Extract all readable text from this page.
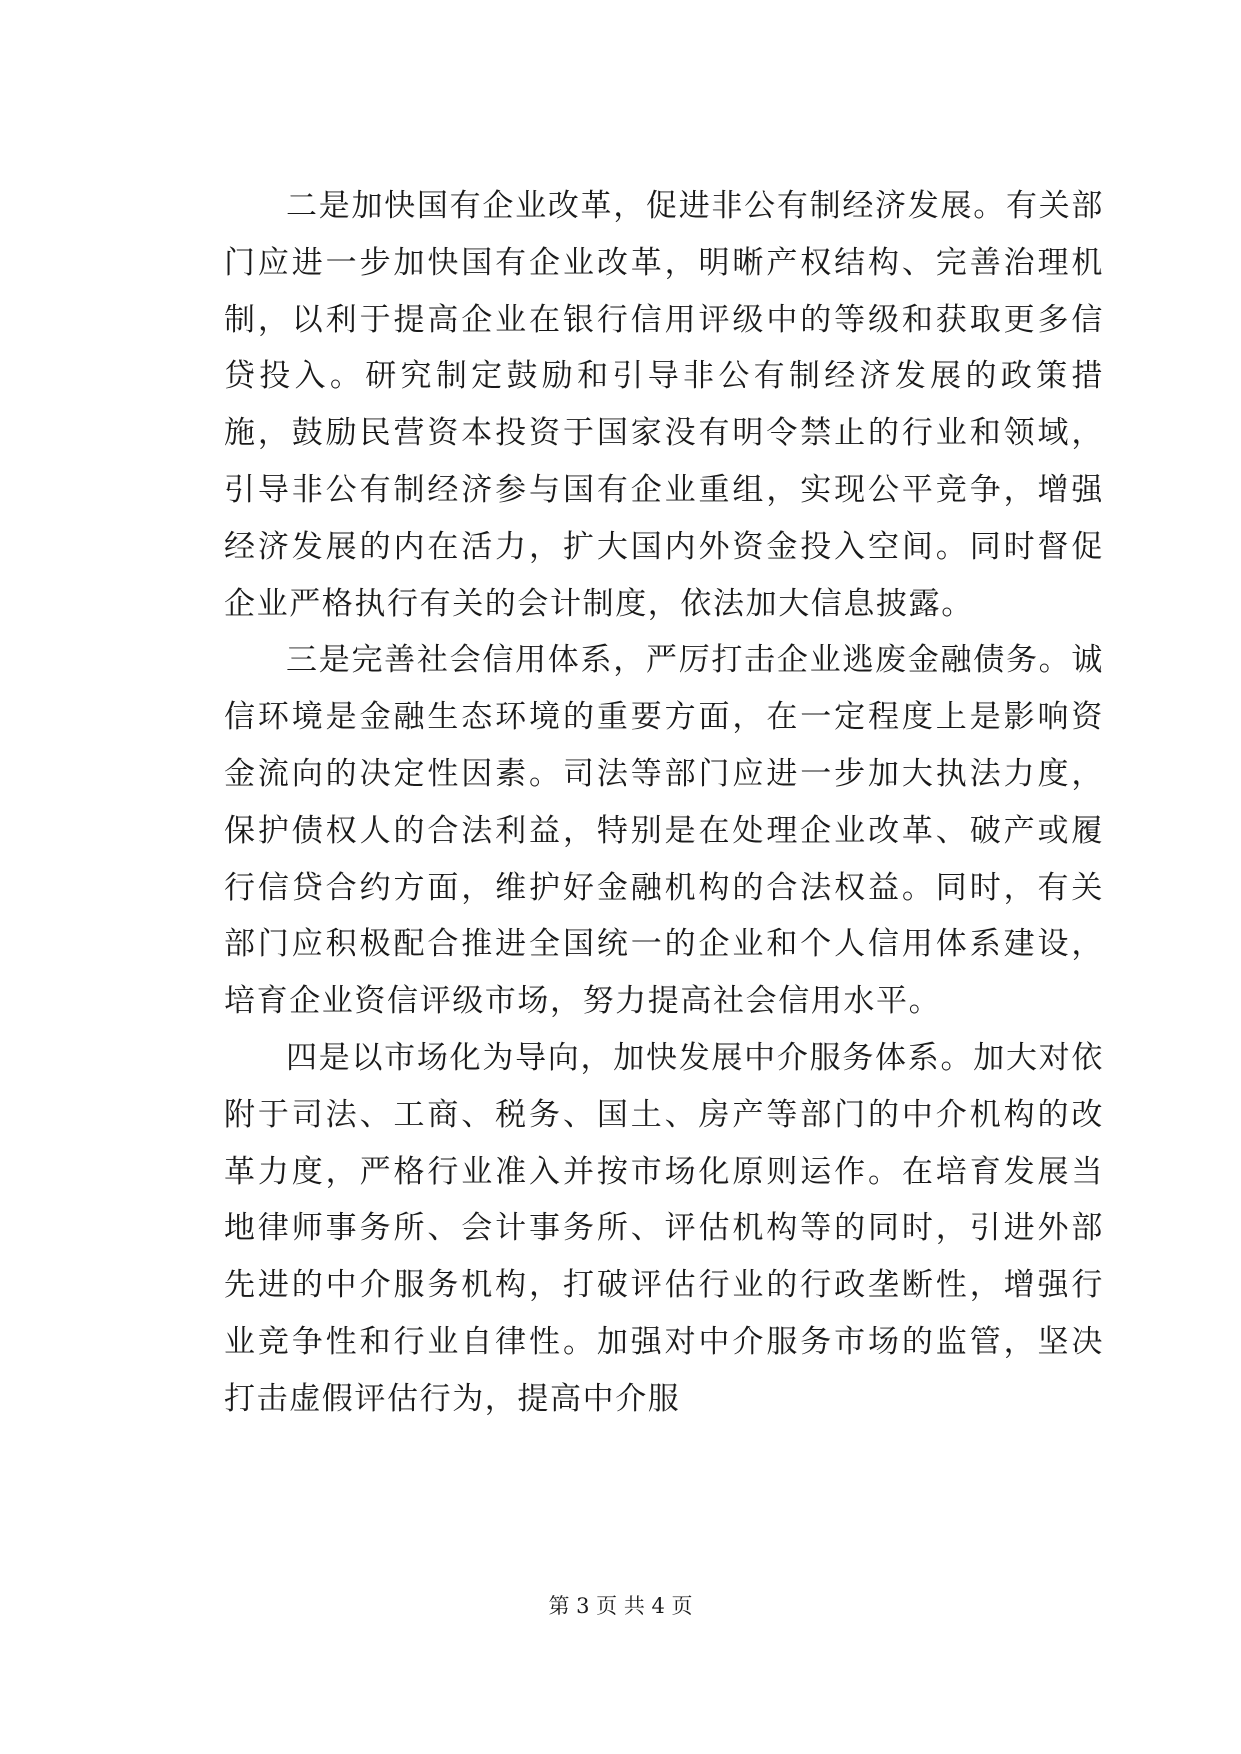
二是加快国有企业改革，促进非公有制经济发展。有关部门应进一步加快国有企业改革，明晰产权结构、完善治理机制，以利于提高企业在银行信用评级中的等级和获取更多信贷投入。研究制定鼓励和引导非公有制经济发展的政策措施，鼓励民营资本投资于国家没有明令禁止的行业和领域，引导非公有制经济参与国有企业重组，实现公平竞争，增强经济发展的内在活力，扩大国内外资金投入空间。同时督促企业严格执行有关的会计制度，依法加大信息披露。

三是完善社会信用体系，严厉打击企业逃废金融债务。诚信环境是金融生态环境的重要方面，在一定程度上是影响资金流向的决定性因素。司法等部门应进一步加大执法力度，保护债权人的合法利益，特别是在处理企业改革、破产或履行信贷合约方面，维护好金融机构的合法权益。同时，有关部门应积极配合推进全国统一的企业和个人信用体系建设，培育企业资信评级市场，努力提高社会信用水平。

四是以市场化为导向，加快发展中介服务体系。加大对依附于司法、工商、税务、国土、房产等部门的中介机构的改革力度，严格行业准入并按市场化原则运作。在培育发展当地律师事务所、会计事务所、评估机构等的同时，引进外部先进的中介服务机构，打破评估行业的行政垄断性，增强行业竞争性和行业自律性。加强对中介服务市场的监管，坚决打击虚假评估行为，提高中介服

第 3 页 共 4 页
